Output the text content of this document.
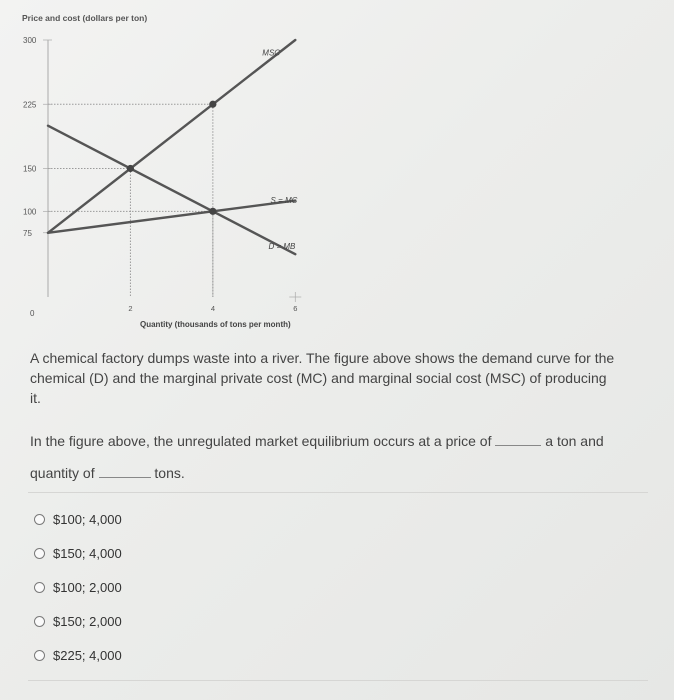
Price and cost (dollars per ton)
75
100
150
225
300
0
2	4	6
MSC
S = MC
D = MB
Quantity (thousands of tons per month)
A chemical factory dumps waste into a river. The figure above shows the demand curve for the chemical (D) and the marginal private cost (MC) and marginal social cost (MSC) of producing it.
In the figure above, the unregulated market equilibrium occurs at a price of	a ton and
quantity of	tons.
$100; 4,000
$150; 4,000
$100; 2,000
$150; 2,000
$225; 4,000
